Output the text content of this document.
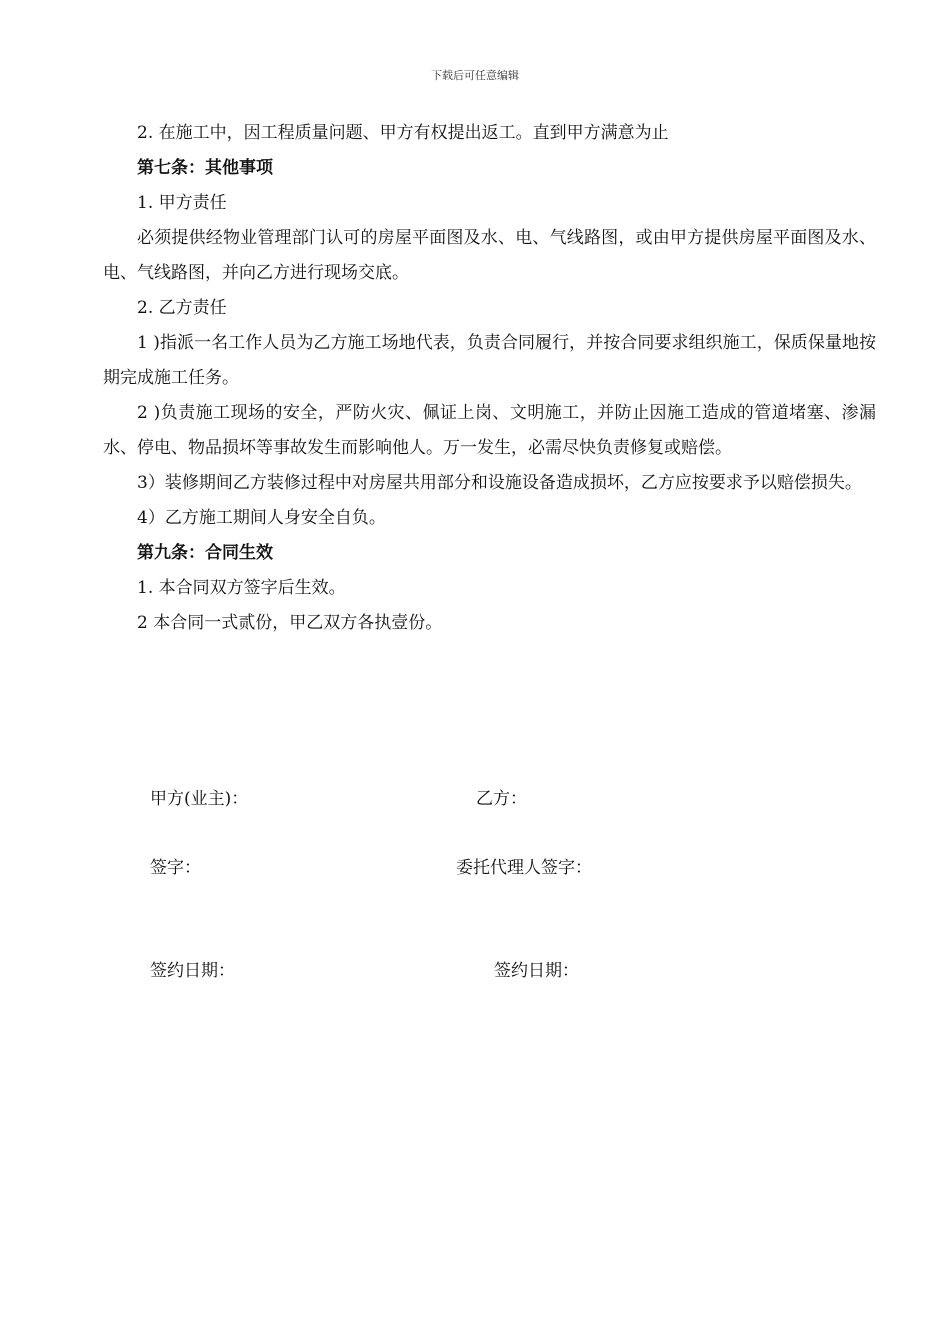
下载后可任意编辑

2. 在施工中，因工程质量问题、甲方有权提出返工。直到甲方满意为止

第七条：其他事项

1. 甲方责任

必须提供经物业管理部门认可的房屋平面图及水、电、气线路图，或由甲方提供房屋平面图及水、电、气线路图，并向乙方进行现场交底。

2. 乙方责任

1 )指派一名工作人员为乙方施工场地代表，负责合同履行，并按合同要求组织施工，保质保量地按期完成施工任务。

2 )负责施工现场的安全，严防火灾、佩证上岗、文明施工，并防止因施工造成的管道堵塞、渗漏水、停电、物品损坏等事故发生而影响他人。万一发生，必需尽快负责修复或赔偿。

3）装修期间乙方装修过程中对房屋共用部分和设施设备造成损坏，乙方应按要求予以赔偿损失。

4）乙方施工期间人身安全自负。

第九条：合同生效

1. 本合同双方签字后生效。

2 本合同一式贰份，甲乙双方各执壹份。

甲方(业主)：	乙方：
签字：	委托代理人签字：
签约日期：	签约日期：
